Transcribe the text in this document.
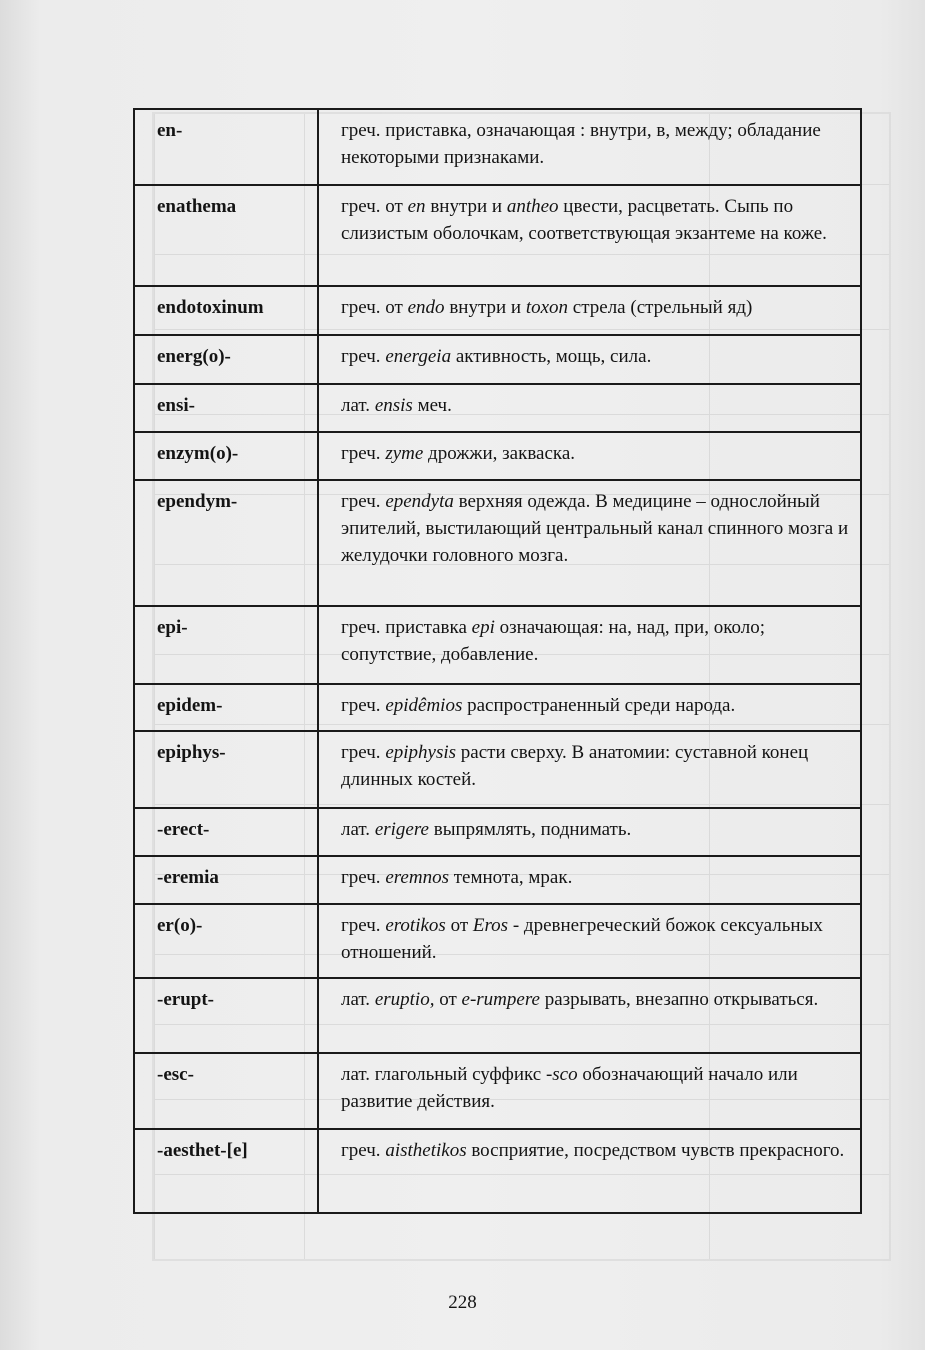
en-	греч. приставка, означающая : внутри, в, между; обладание некоторыми признаками.
enathema	греч. от en внутри и antheo цвести, расцветать. Сыпь по слизистым оболочкам, соответствующая экзантеме на коже.
endotoxinum	греч. от endo внутри и toxon стрела (стрельный яд)
energ(o)-	греч. energeia активность, мощь, сила.
ensi-	лат. ensis меч.
enzym(o)-	греч. zyme дрожжи, закваска.
ependym-	греч. ependyta верхняя одежда. В медицине – однослойный эпителий, выстилающий центральный канал спинного мозга и желудочки головного мозга.
epi-	греч. приставка epi означающая: на, над, при, около; сопутствие, добавление.
epidem-	греч. epidêmios распространенный среди народа.
epiphys-	греч. epiphysis расти сверху. В анатомии: суставной конец длинных костей.
-erect-	лат. erigere выпрямлять, поднимать.
-eremia	греч. eremnos темнота, мрак.
er(o)-	греч. erotikos от Eros - древнегреческий божок сексуальных отношений.
-erupt-	лат. eruptio, от e-rumpere разрывать, внезапно открываться.
-esc-	лат. глагольный суффикс -sco обозначающий начало или развитие действия.
-aesthet-[e]	греч. aisthetikos восприятие, посредством чувств прекрасного.
228
